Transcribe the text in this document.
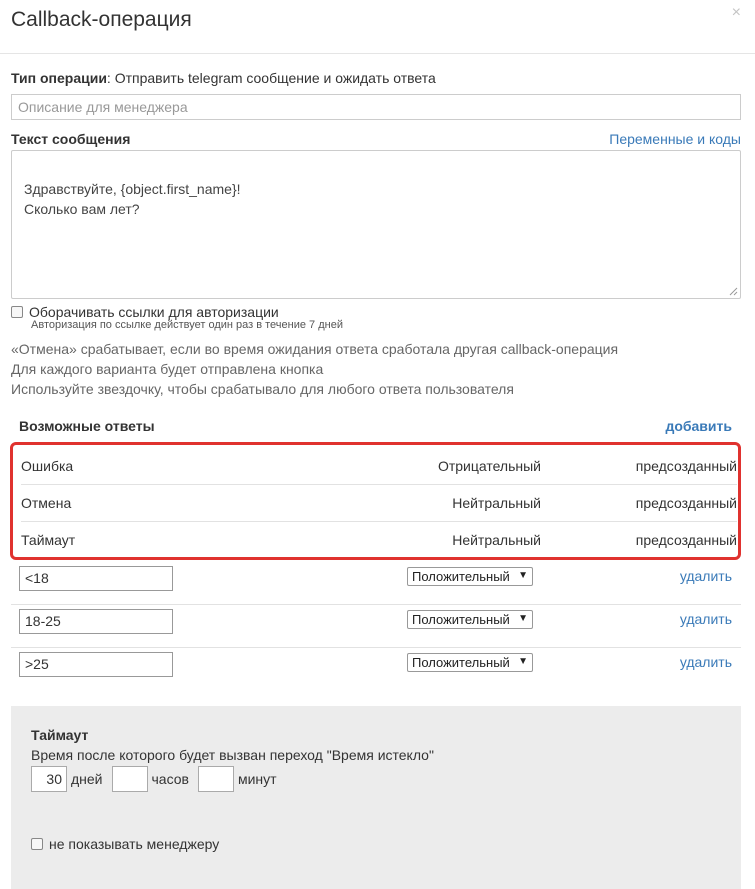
Callback-операция	×
Тип операции: Отправить telegram сообщение и ожидать ответа
Описание для менеджера
Текст сообщения	Переменные и коды

Здравствуйте, {object.first_name}!
Сколько вам лет?

Оборачивать ссылки для авторизации
Авторизация по ссылке действует один раз в течение 7 дней
«Отмена» срабатывает, если во время ожидания ответа сработала другая callback-операция
Для каждого варианта будет отправлена кнопка
Используйте звездочку, чтобы срабатывало для любого ответа пользователя
Возможные ответы	добавить
Ошибка	Отрицательный	предсозданный
Отмена	Нейтральный	предсозданный
Таймаут	Нейтральный	предсозданный
<18	Положительный ▼	удалить
18-25	Положительный ▼	удалить
>25	Положительный ▼	удалить
Таймаут
Время после которого будет вызван переход "Время истекло"
30 дней	часов	минут
не показывать менеджеру
